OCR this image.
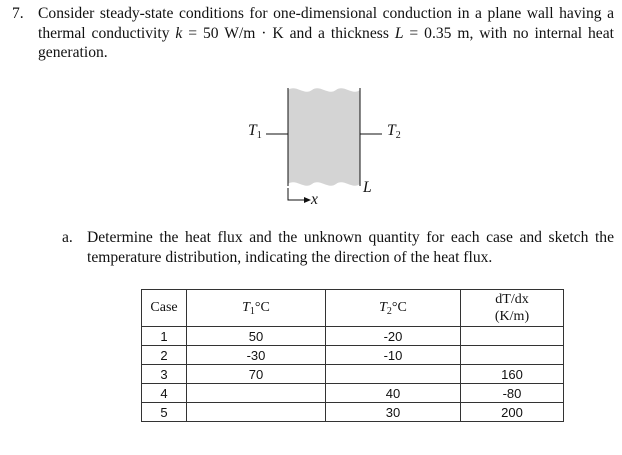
7. Consider steady-state conditions for one-dimensional conduction in a plane wall having a thermal conductivity k = 50 W/m · K and a thickness L = 0.35 m, with no internal heat generation.
$T_1$	$T_2$
L
x
a. Determine the heat flux and the unknown quantity for each case and sketch the temperature distribution, indicating the direction of the heat flux.
Case	$T_1^\circ C$	$T_2^\circ C$	dT/dx
(K/m)
1	50	-20	
2	-30	-10	
3	70		160
4		40	-80
5		30	200
